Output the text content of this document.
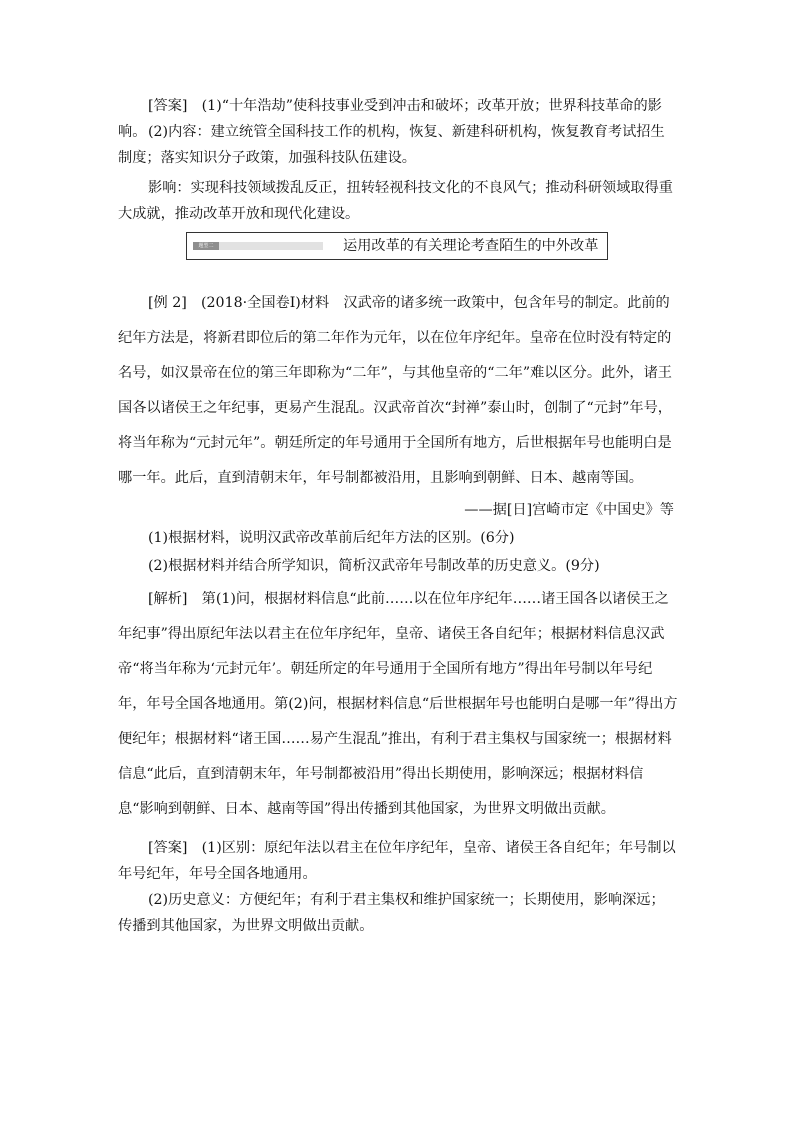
[答案]　(1)“十年浩劫”使科技事业受到冲击和破坏；改革开放；世界科技革命的影响。 (2)内容：建立统管全国科技工作的机构，恢复、新建科研机构，恢复教育考试招生制度；落实知识分子政策，加强科技队伍建设。

影响：实现科技领域拨乱反正，扭转轻视科技文化的不良风气；推动科研领域取得重大成就，推动改革开放和现代化建设。

题型二	运用改革的有关理论考查陌生的中外改革

[例 2]　(2018·全国卷Ⅰ)材料　汉武帝的诸多统一政策中，包含年号的制定。此前的纪年方法是，将新君即位后的第二年作为元年，以在位年序纪年。皇帝在位时没有特定的名号，如汉景帝在位的第三年即称为“二年”，与其他皇帝的“二年”难以区分。此外，诸王国各以诸侯王之年纪事，更易产生混乱。汉武帝首次“封禅”泰山时，创制了“元封”年号，将当年称为“元封元年”。朝廷所定的年号通用于全国所有地方，后世根据年号也能明白是哪一年。此后，直到清朝末年，年号制都被沿用，且影响到朝鲜、日本、越南等国。

——据[日]宫崎市定《中国史》等

(1)根据材料，说明汉武帝改革前后纪年方法的区别。(6分)

(2)根据材料并结合所学知识，简析汉武帝年号制改革的历史意义。(9分)

[解析]　第(1)问，根据材料信息“此前……以在位年序纪年……诸王国各以诸侯王之年纪事”得出原纪年法以君主在位年序纪年，皇帝、诸侯王各自纪年；根据材料信息汉武帝“将当年称为‘元封元年’。朝廷所定的年号通用于全国所有地方”得出年号制以年号纪年，年号全国各地通用。第(2)问，根据材料信息“后世根据年号也能明白是哪一年”得出方便纪年；根据材料“诸王国……易产生混乱”推出，有利于君主集权与国家统一；根据材料信息“此后，直到清朝末年，年号制都被沿用”得出长期使用，影响深远；根据材料信息“影响到朝鲜、日本、越南等国”得出传播到其他国家，为世界文明做出贡献。

[答案]　(1)区别：原纪年法以君主在位年序纪年，皇帝、诸侯王各自纪年；年号制以年号纪年，年号全国各地通用。

(2)历史意义：方便纪年；有利于君主集权和维护国家统一；长期使用，影响深远；传播到其他国家，为世界文明做出贡献。
